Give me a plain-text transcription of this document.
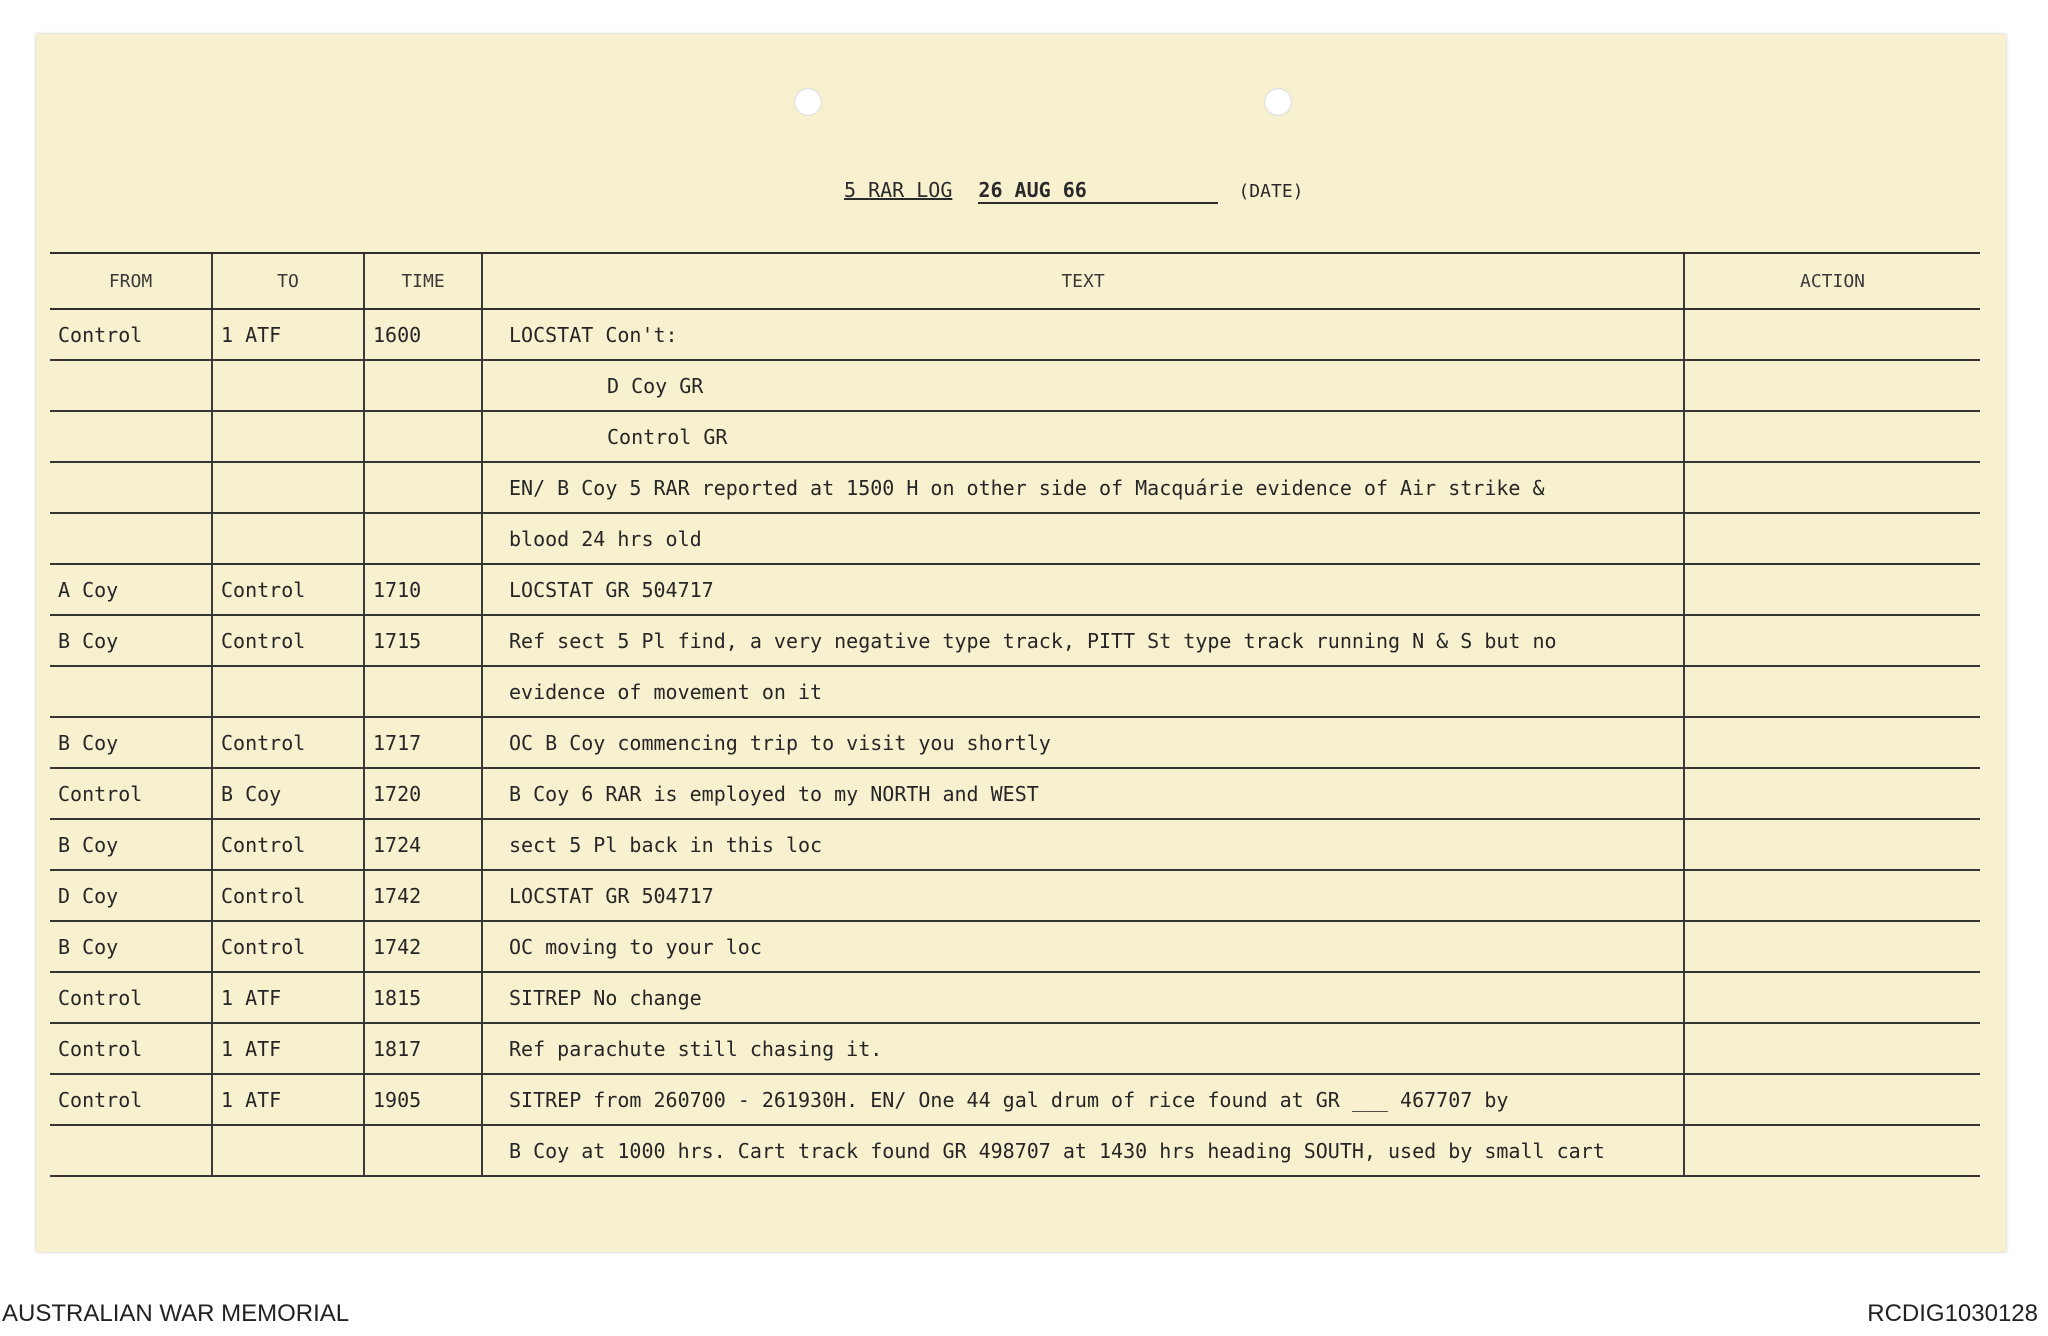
5 RAR LOG 26 AUG 66	(DATE)
FROM	TO	TIME	TEXT	ACTION
Control	1 ATF	1600	LOCSTAT Con't:	
			D Coy GR	
			Control GR	
			EN/ B Coy 5 RAR reported at 1500 H on other side of Macquárie evidence of Air strike &	
			blood 24 hrs old	
A Coy	Control	1710	LOCSTAT GR 504717	
B Coy	Control	1715	Ref sect 5 Pl find, a very negative type track, PITT St type track running N & S but no	
			evidence of movement on it	
B Coy	Control	1717	OC B Coy commencing trip to visit you shortly	
Control	B Coy	1720	B Coy 6 RAR is employed to my NORTH and WEST	
B Coy	Control	1724	sect 5 Pl back in this loc	
D Coy	Control	1742	LOCSTAT GR 504717	
B Coy	Control	1742	OC moving to your loc	
Control	1 ATF	1815	SITREP No change	
Control	1 ATF	1817	Ref parachute still chasing it.	
Control	1 ATF	1905	SITREP from 260700 - 261930H. EN/ One 44 gal drum of rice found at GR ___ 467707 by	
			B Coy at 1000 hrs. Cart track found GR 498707 at 1430 hrs heading SOUTH, used by small cart	
AUSTRALIAN WAR MEMORIAL	RCDIG1030128
